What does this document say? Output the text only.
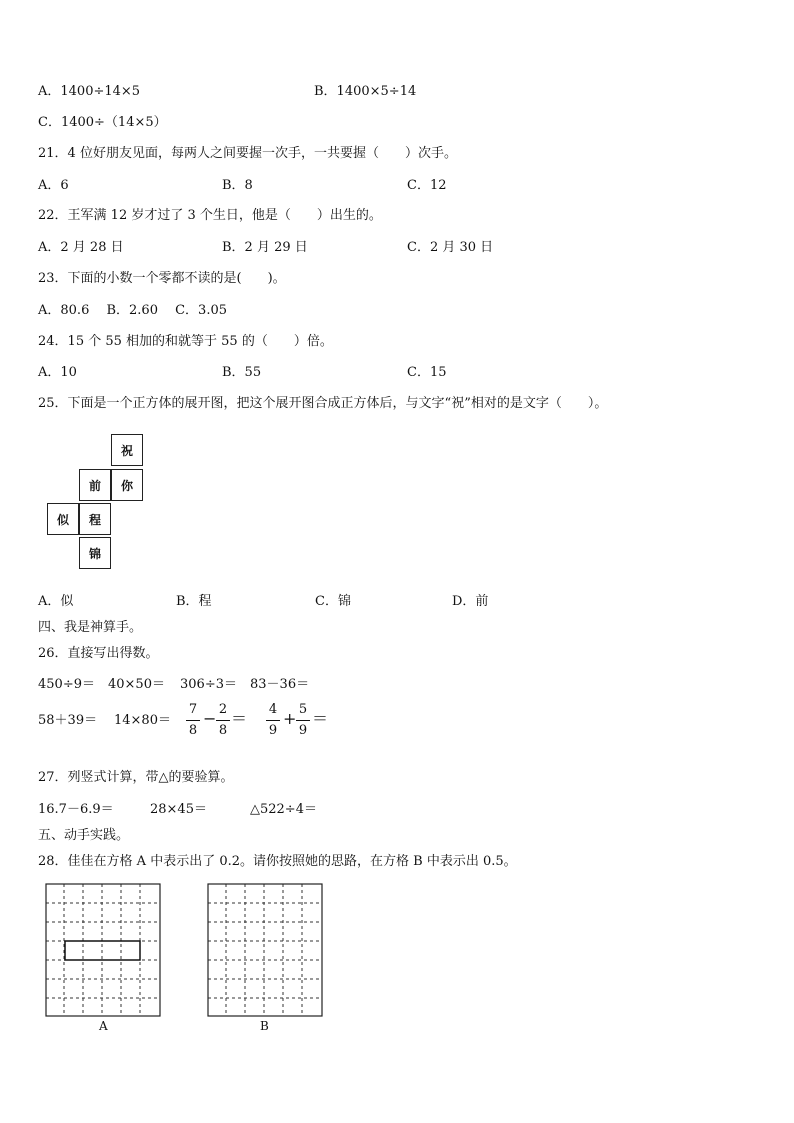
A．1400÷14×5	B．1400×5÷14
C．1400÷（14×5）
21．4 位好朋友见面，每两人之间要握一次手，一共要握（　　）次手。
A．6	B．8	C．12
22．王军满 12 岁才过了 3 个生日，他是（　　）出生的。
A．2 月 28 日	B．2 月 29 日	C．2 月 30 日
23．下面的小数一个零都不读的是(　　)。
A．80.6　 B．2.60　 C．3.05
24．15 个 55 相加的和就等于 55 的（　　）倍。
A．10	B．55	C．15
25．下面是一个正方体的展开图，把这个展开图合成正方体后，与文字“祝”相对的是文字（　　）。
祝
前	你
似	程
锦
A．似	B．程	C．锦	D．前
四、我是神算手。
26．直接写出得数。
450÷9＝ 40×50＝ 306÷3＝ 83－36＝
58＋39＝ 14×80＝
7
8
− 2
8
＝ 4
9
+ 5
9
＝
27．列竖式计算，带△的要验算。
16.7－6.9＝	28×45＝	△522÷4＝
五、动手实践。
28．佳佳在方格 A 中表示出了 0.2。请你按照她的思路，在方格 B 中表示出 0.5。
A	B
